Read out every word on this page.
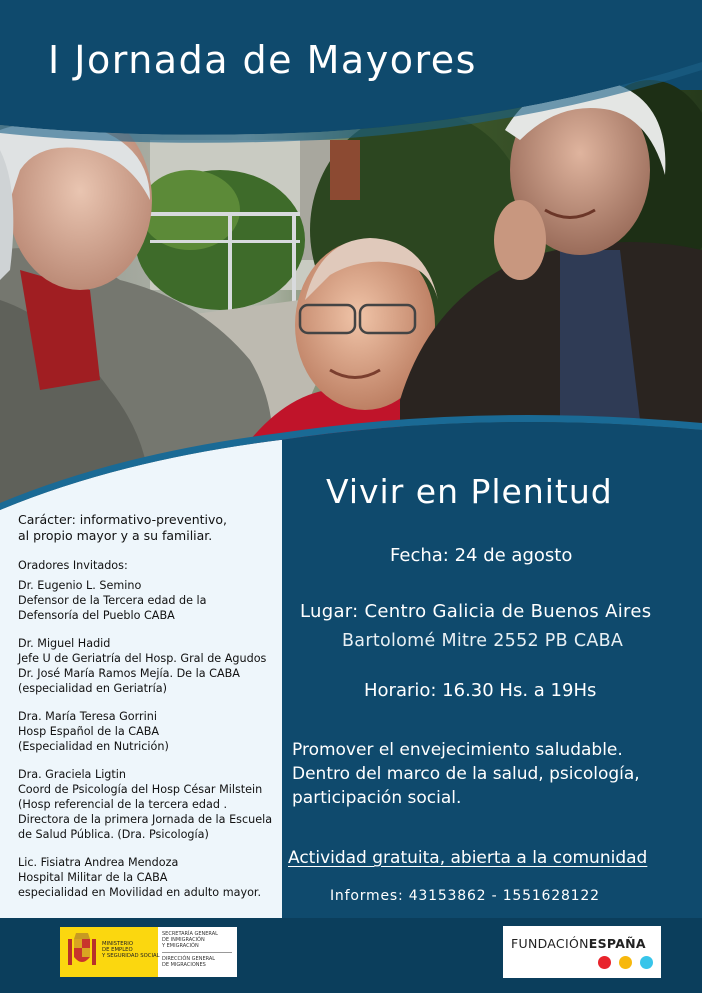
I Jornada de Mayores
Carácter: informativo-preventivo,
al propio mayor y a su familiar.
Oradores Invitados:
Dr. Eugenio L. Semino
Defensor de la Tercera edad de la
Defensoría del Pueblo CABA
Dr. Miguel Hadid
Jefe U de Geriatría del Hosp. Gral de Agudos
Dr. José María Ramos Mejía. De la CABA
(especialidad en Geriatría)
Dra. María Teresa Gorrini
Hosp Español de la CABA
(Especialidad en Nutrición)
Dra. Graciela Ligtin
Coord de Psicología del Hosp César Milstein
(Hosp referencial de la tercera edad .
Directora de la primera Jornada de la Escuela
de Salud Pública. (Dra. Psicología)
Lic. Fisiatra Andrea Mendoza
Hospital Militar de la CABA
especialidad en Movilidad en adulto mayor.
Vivir en Plenitud
Fecha: 24 de agosto
Lugar: Centro Galicia de Buenos Aires
Bartolomé Mitre 2552 PB CABA
Horario: 16.30 Hs. a 19Hs
Promover el envejecimiento saludable.
Dentro del marco de la salud, psicología,
participación social.
Actividad gratuita, abierta a la comunidad
Informes: 43153862 - 1551628122
MINISTERIO
DE EMPLEO
Y SEGURIDAD SOCIAL
SECRETARÍA GENERAL
DE INMIGRACIÓN
Y EMIGRACIÓN
DIRECCIÓN GENERAL
DE MIGRACIONES
FUNDACIÓNESPAÑA
